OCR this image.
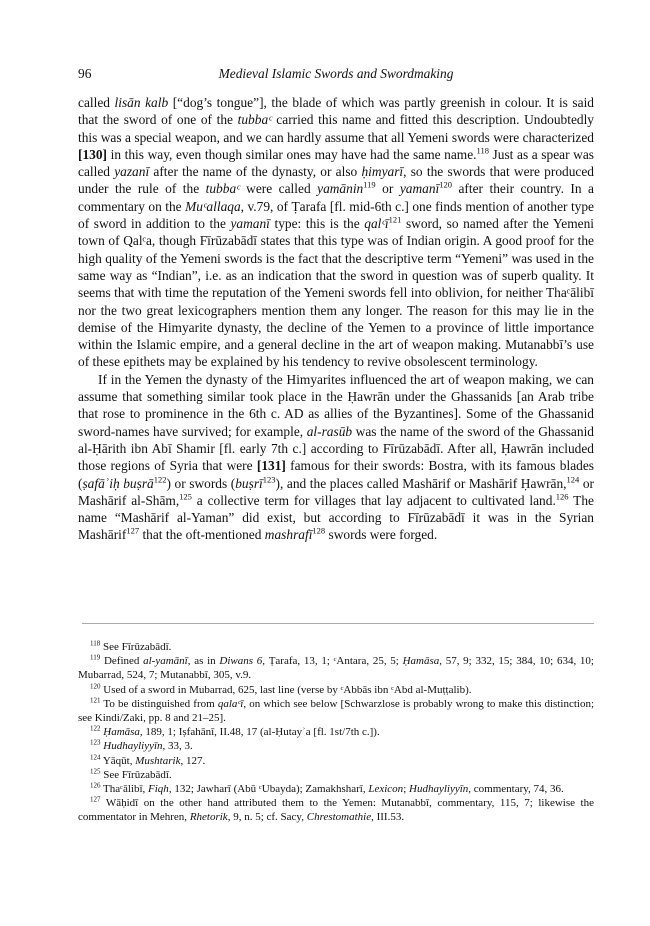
96	Medieval Islamic Swords and Swordmaking

called lisān kalb [“dog’s tongue”], the blade of which was partly greenish in colour. It is said that the sword of one of the tubbaᶜ carried this name and fitted this description. Undoubtedly this was a special weapon, and we can hardly assume that all Yemeni swords were characterized [130] in this way, even though similar ones may have had the same name.$^{118}$ Just as a spear was called yazanī after the name of the dynasty, or also ḥimyarī, so the swords that were produced under the rule of the tubbaᶜ were called yamānin$^{119}$ or yamanī$^{120}$ after their country. In a commentary on the Muᶜallaqa, v.79, of Ṭarafa [fl. mid-6th c.] one finds mention of another type of sword in addition to the yamanī type: this is the qalᶜī$^{121}$ sword, so named after the Yemeni town of Qalᶜa, though Fīrūzabādī states that this type was of Indian origin. A good proof for the high quality of the Yemeni swords is the fact that the descriptive term “Yemeni” was used in the same way as “Indian”, i.e. as an indication that the sword in question was of superb quality. It seems that with time the reputation of the Yemeni swords fell into oblivion, for neither Thaᶜālibī nor the two great lexicographers mention them any longer. The reason for this may lie in the demise of the Himyarite dynasty, the decline of the Yemen to a province of little importance within the Islamic empire, and a general decline in the art of weapon making. Mutanabbī’s use of these epithets may be explained by his tendency to revive obsolescent terminology.

If in the Yemen the dynasty of the Himyarites influenced the art of weapon making, we can assume that something similar took place in the Ḥawrān under the Ghassanids [an Arab tribe that rose to prominence in the 6th c. AD as allies of the Byzantines]. Some of the Ghassanid sword-names have survived; for example, al-rasūb was the name of the sword of the Ghassanid al-Ḥārith ibn Abī Shamir [fl. early 7th c.] according to Fīrūzabādī. After all, Ḥawrān included those regions of Syria that were [131] famous for their swords: Bostra, with its famous blades (ṣafāʾiḥ buṣrā$^{122}$) or swords (buṣrī$^{123}$), and the places called Mashārif or Mashārif Ḥawrān,$^{124}$ or Mashārif al-Shām,$^{125}$ a collective term for villages that lay adjacent to cultivated land.$^{126}$ The name “Mashārif al-Yaman” did exist, but according to Fīrūzabādī it was in the Syrian Mashārif$^{127}$ that the oft-mentioned mashrafī$^{128}$ swords were forged.

$^{118}$ See Fīrūzabādī.

$^{119}$ Defined al-yamānī, as in Diwans 6, Ṭarafa, 13, 1; ᶜAntara, 25, 5; Ḥamāsa, 57, 9; 332, 15; 384, 10; 634, 10; Mubarrad, 524, 7; Mutanabbī, 305, v.9.

$^{120}$ Used of a sword in Mubarrad, 625, last line (verse by ᶜAbbās ibn ᶜAbd al-Muṭṭalib).

$^{121}$ To be distinguished from qalaᶜī, on which see below [Schwarzlose is probably wrong to make this distinction; see Kindi/Zaki, pp. 8 and 21–25].

$^{122}$ Ḥamāsa, 189, 1; Iṣfahānī, II.48, 17 (al-Ḥutayʾa [fl. 1st/7th c.]).

$^{123}$ Hudhayliyyīn, 33, 3.

$^{124}$ Yāqūt, Mushtarik, 127.

$^{125}$ See Fīrūzabādī.

$^{126}$ Thaᶜālibī, Fiqh, 132; Jawharī (Abū ᶜUbayda); Zamakhsharī, Lexicon; Hudhayliyyīn, commentary, 74, 36.

$^{127}$ Wāḥidī on the other hand attributed them to the Yemen: Mutanabbī, commentary, 115, 7; likewise the commentator in Mehren, Rhetorik, 9, n. 5; cf. Sacy, Chrestomathie, III.53.
